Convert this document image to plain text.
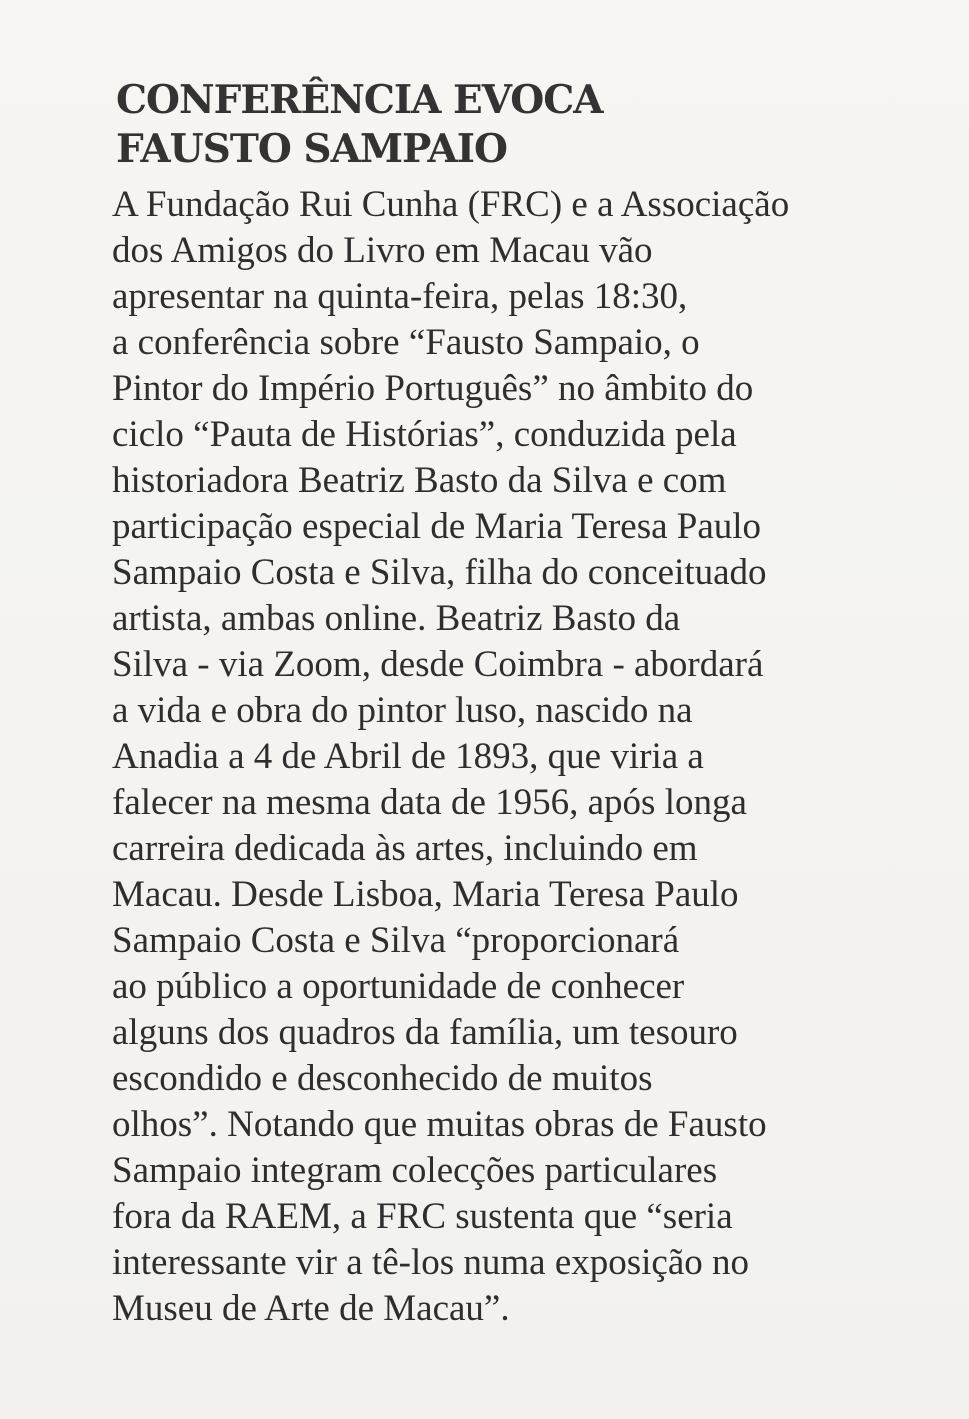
CONFERÊNCIA EVOCA
FAUSTO SAMPAIO

A Fundação Rui Cunha (FRC) e a Associação
dos Amigos do Livro em Macau vão
apresentar na quinta-feira, pelas 18:30,
a conferência sobre “Fausto Sampaio, o
Pintor do Império Português” no âmbito do
ciclo “Pauta de Histórias”, conduzida pela
historiadora Beatriz Basto da Silva e com
participação especial de Maria Teresa Paulo
Sampaio Costa e Silva, filha do conceituado
artista, ambas online. Beatriz Basto da
Silva - via Zoom, desde Coimbra - abordará
a vida e obra do pintor luso, nascido na
Anadia a 4 de Abril de 1893, que viria a
falecer na mesma data de 1956, após longa
carreira dedicada às artes, incluindo em
Macau. Desde Lisboa, Maria Teresa Paulo
Sampaio Costa e Silva “proporcionará
ao público a oportunidade de conhecer
alguns dos quadros da família, um tesouro
escondido e desconhecido de muitos
olhos”. Notando que muitas obras de Fausto
Sampaio integram colecções particulares
fora da RAEM, a FRC sustenta que “seria
interessante vir a tê-los numa exposição no
Museu de Arte de Macau”.
